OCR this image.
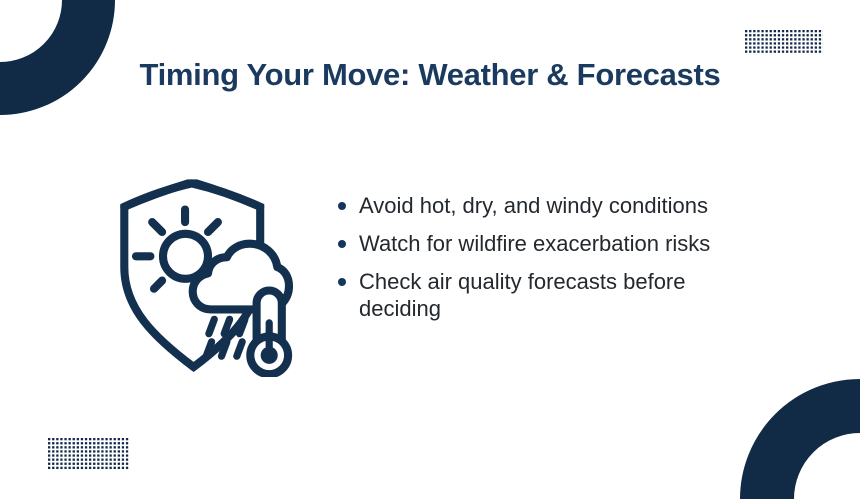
Timing Your Move: Weather & Forecasts
Avoid hot, dry, and windy conditions
Watch for wildfire exacerbation risks
Check air quality forecasts before deciding
